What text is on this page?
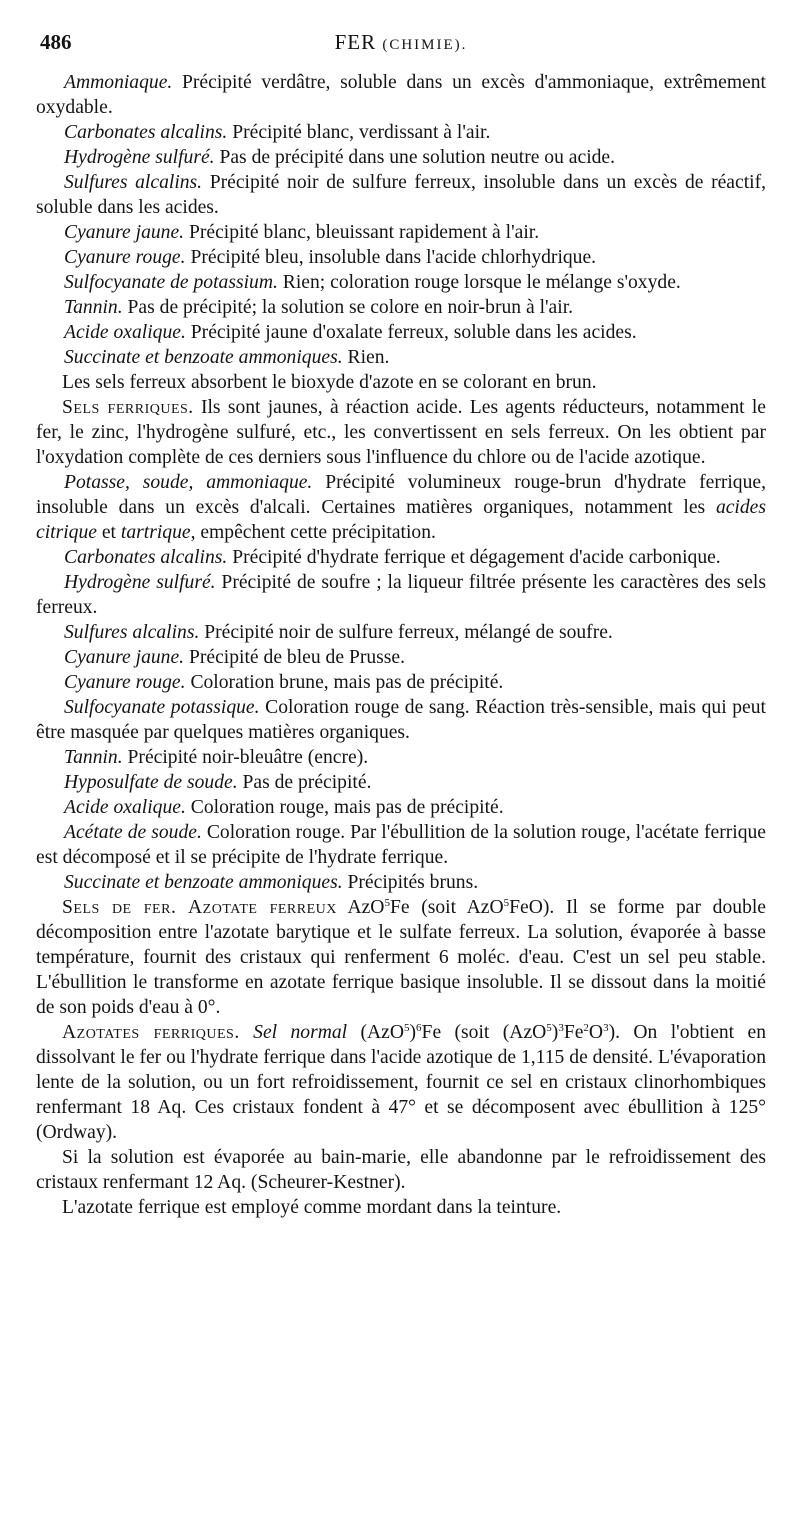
486	FER (CHIMIE).

Ammoniaque. Précipité verdâtre, soluble dans un excès d'ammoniaque, extrêmement oxydable.

Carbonates alcalins. Précipité blanc, verdissant à l'air.

Hydrogène sulfuré. Pas de précipité dans une solution neutre ou acide.

Sulfures alcalins. Précipité noir de sulfure ferreux, insoluble dans un excès de réactif, soluble dans les acides.

Cyanure jaune. Précipité blanc, bleuissant rapidement à l'air.

Cyanure rouge. Précipité bleu, insoluble dans l'acide chlorhydrique.

Sulfocyanate de potassium. Rien; coloration rouge lorsque le mélange s'oxyde.

Tannin. Pas de précipité; la solution se colore en noir-brun à l'air.

Acide oxalique. Précipité jaune d'oxalate ferreux, soluble dans les acides.

Succinate et benzoate ammoniques. Rien.

Les sels ferreux absorbent le bioxyde d'azote en se colorant en brun.

Sels ferriques. Ils sont jaunes, à réaction acide. Les agents réducteurs, notamment le fer, le zinc, l'hydrogène sulfuré, etc., les convertissent en sels ferreux. On les obtient par l'oxydation complète de ces derniers sous l'influence du chlore ou de l'acide azotique.

Potasse, soude, ammoniaque. Précipité volumineux rouge-brun d'hydrate ferrique, insoluble dans un excès d'alcali. Certaines matières organiques, notamment les acides citrique et tartrique, empêchent cette précipitation.

Carbonates alcalins. Précipité d'hydrate ferrique et dégagement d'acide carbonique.

Hydrogène sulfuré. Précipité de soufre ; la liqueur filtrée présente les caractères des sels ferreux.

Sulfures alcalins. Précipité noir de sulfure ferreux, mélangé de soufre.

Cyanure jaune. Précipité de bleu de Prusse.

Cyanure rouge. Coloration brune, mais pas de précipité.

Sulfocyanate potassique. Coloration rouge de sang. Réaction très-sensible, mais qui peut être masquée par quelques matières organiques.

Tannin. Précipité noir-bleuâtre (encre).

Hyposulfate de soude. Pas de précipité.

Acide oxalique. Coloration rouge, mais pas de précipité.

Acétate de soude. Coloration rouge. Par l'ébullition de la solution rouge, l'acétate ferrique est décomposé et il se précipite de l'hydrate ferrique.

Succinate et benzoate ammoniques. Précipités bruns.

Sels de fer. Azotate ferreux AzO$^5$Fe (soit AzO$^5$FeO). Il se forme par double décomposition entre l'azotate barytique et le sulfate ferreux. La solution, évaporée à basse température, fournit des cristaux qui renferment 6 moléc. d'eau. C'est un sel peu stable. L'ébullition le transforme en azotate ferrique basique insoluble. Il se dissout dans la moitié de son poids d'eau à 0°.

Azotates ferriques. Sel normal $(AzO^5)^6Fe$ (soit $(AzO^5)^3Fe^2O^3$). On l'obtient en dissolvant le fer ou l'hydrate ferrique dans l'acide azotique de 1,115 de densité. L'évaporation lente de la solution, ou un fort refroidissement, fournit ce sel en cristaux clinorhombiques renfermant 18 Aq. Ces cristaux fondent à 47° et se décomposent avec ébullition à 125° (Ordway).

Si la solution est évaporée au bain-marie, elle abandonne par le refroidissement des cristaux renfermant 12 Aq. (Scheurer-Kestner).

L'azotate ferrique est employé comme mordant dans la teinture.
